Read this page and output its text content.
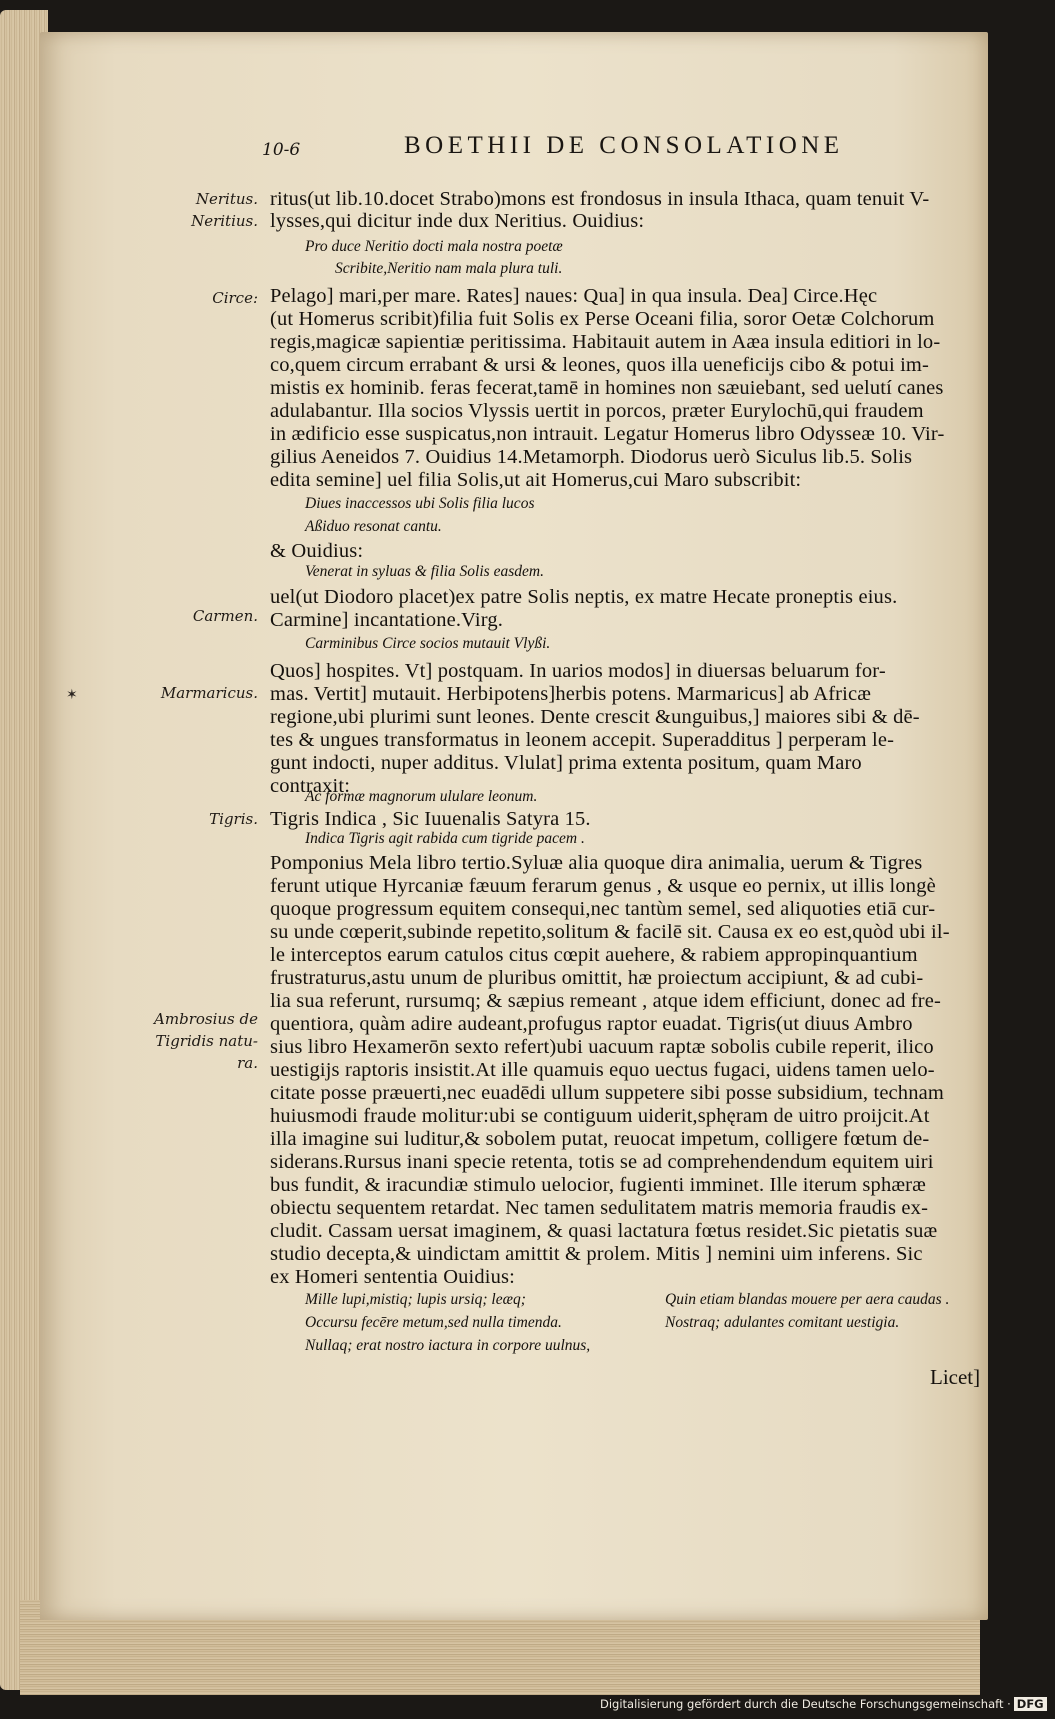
10-6	BOETHII DE CONSOLATIONE
Neritus.
Neritius.
Circe:
Carmen.
Marmaricus.
Tigris.
Ambrosius de
Tigridis natu-
ra.
✶
ritus(ut lib.10.docet Strabo)mons est frondosus in insula Ithaca, quam tenuit V-
lysses,qui dicitur inde dux Neritius. Ouidius:
Pro duce Neritio docti mala nostra poetæ
Scribite,Neritio nam mala plura tuli.
Pelago] mari,per mare. Rates] naues: Qua] in qua insula. Dea] Circe.Hęc
(ut Homerus scribit)filia fuit Solis ex Perse Oceani filia, soror Oetæ Colchorum
regis,magicæ sapientiæ peritissima. Habitauit autem in Aæa insula editiori in lo-
co,quem circum errabant & ursi & leones, quos illa ueneficijs cibo & potui im-
mistis ex hominib. feras fecerat,tamē in homines non sæuiebant, sed uelutí canes
adulabantur. Illa socios Vlyssis uertit in porcos, præter Eurylochū,qui fraudem
in ædificio esse suspicatus,non intrauit. Legatur Homerus libro Odysseæ 10. Vir-
gilius Aeneidos 7. Ouidius 14.Metamorph. Diodorus uerò Siculus lib.5. Solis
edita semine] uel filia Solis,ut ait Homerus,cui Maro subscribit:
Diues inaccessos ubi Solis filia lucos
Aßiduo resonat cantu.
& Ouidius:
Venerat in syluas & filia Solis easdem.
uel(ut Diodoro placet)ex patre Solis neptis, ex matre Hecate proneptis eius.
Carmine] incantatione.Virg.
Carminibus Circe socios mutauit Vlyßi.
Quos] hospites. Vt] postquam. In uarios modos] in diuersas beluarum for-
mas. Vertit] mutauit. Herbipotens]herbis potens. Marmaricus] ab Africæ
regione,ubi plurimi sunt leones. Dente crescit &unguibus,] maiores sibi & dē-
tes & ungues transformatus in leonem accepit. Superadditus ] perperam le-
gunt indocti, nuper additus. Vlulat] prima extenta positum, quam Maro
contraxit:
Ac formæ magnorum ululare leonum.
Tigris Indica , Sic Iuuenalis Satyra 15.
Indica Tigris agit rabida cum tigride pacem .
Pomponius Mela libro tertio.Syluæ alia quoque dira animalia, uerum & Tigres
ferunt utique Hyrcaniæ fæuum ferarum genus , & usque eo pernix, ut illis longè
quoque progressum equitem consequi,nec tantùm semel, sed aliquoties etiā cur-
su unde cœperit,subinde repetito,solitum & facilē sit. Causa ex eo est,quòd ubi il-
le interceptos earum catulos citus cœpit auehere, & rabiem appropinquantium
frustraturus,astu unum de pluribus omittit, hæ proiectum accipiunt, & ad cubi-
lia sua referunt, rursumq; & sæpius remeant , atque idem efficiunt, donec ad fre-
quentiora, quàm adire audeant,profugus raptor euadat. Tigris(ut diuus Ambro
sius libro Hexamerōn sexto refert)ubi uacuum raptæ sobolis cubile reperit, ilico
uestigijs raptoris insistit.At ille quamuis equo uectus fugaci, uidens tamen uelo-
citate posse præuerti,nec euadēdi ullum suppetere sibi posse subsidium, technam
huiusmodi fraude molitur:ubi se contiguum uiderit,sphęram de uitro proijcit.At
illa imagine sui luditur,& sobolem putat, reuocat impetum, colligere fœtum de-
siderans.Rursus inani specie retenta, totis se ad comprehendendum equitem uiri
bus fundit, & iracundiæ stimulo uelocior, fugienti imminet. Ille iterum sphæræ
obiectu sequentem retardat. Nec tamen sedulitatem matris memoria fraudis ex-
cludit. Cassam uersat imaginem, & quasi lactatura fœtus residet.Sic pietatis suæ
studio decepta,& uindictam amittit & prolem. Mitis ] nemini uim inferens. Sic
ex Homeri sententia Ouidius:
Mille lupi,mistiq; lupis ursiq; leæq;
Occursu fecēre metum,sed nulla timenda.
Nullaq; erat nostro iactura in corpore uulnus,
Quin etiam blandas mouere per aera caudas .
Nostraq; adulantes comitant uestigia.
Licet]
Digitalisierung gefördert durch die Deutsche Forschungsgemeinschaft · DFG
